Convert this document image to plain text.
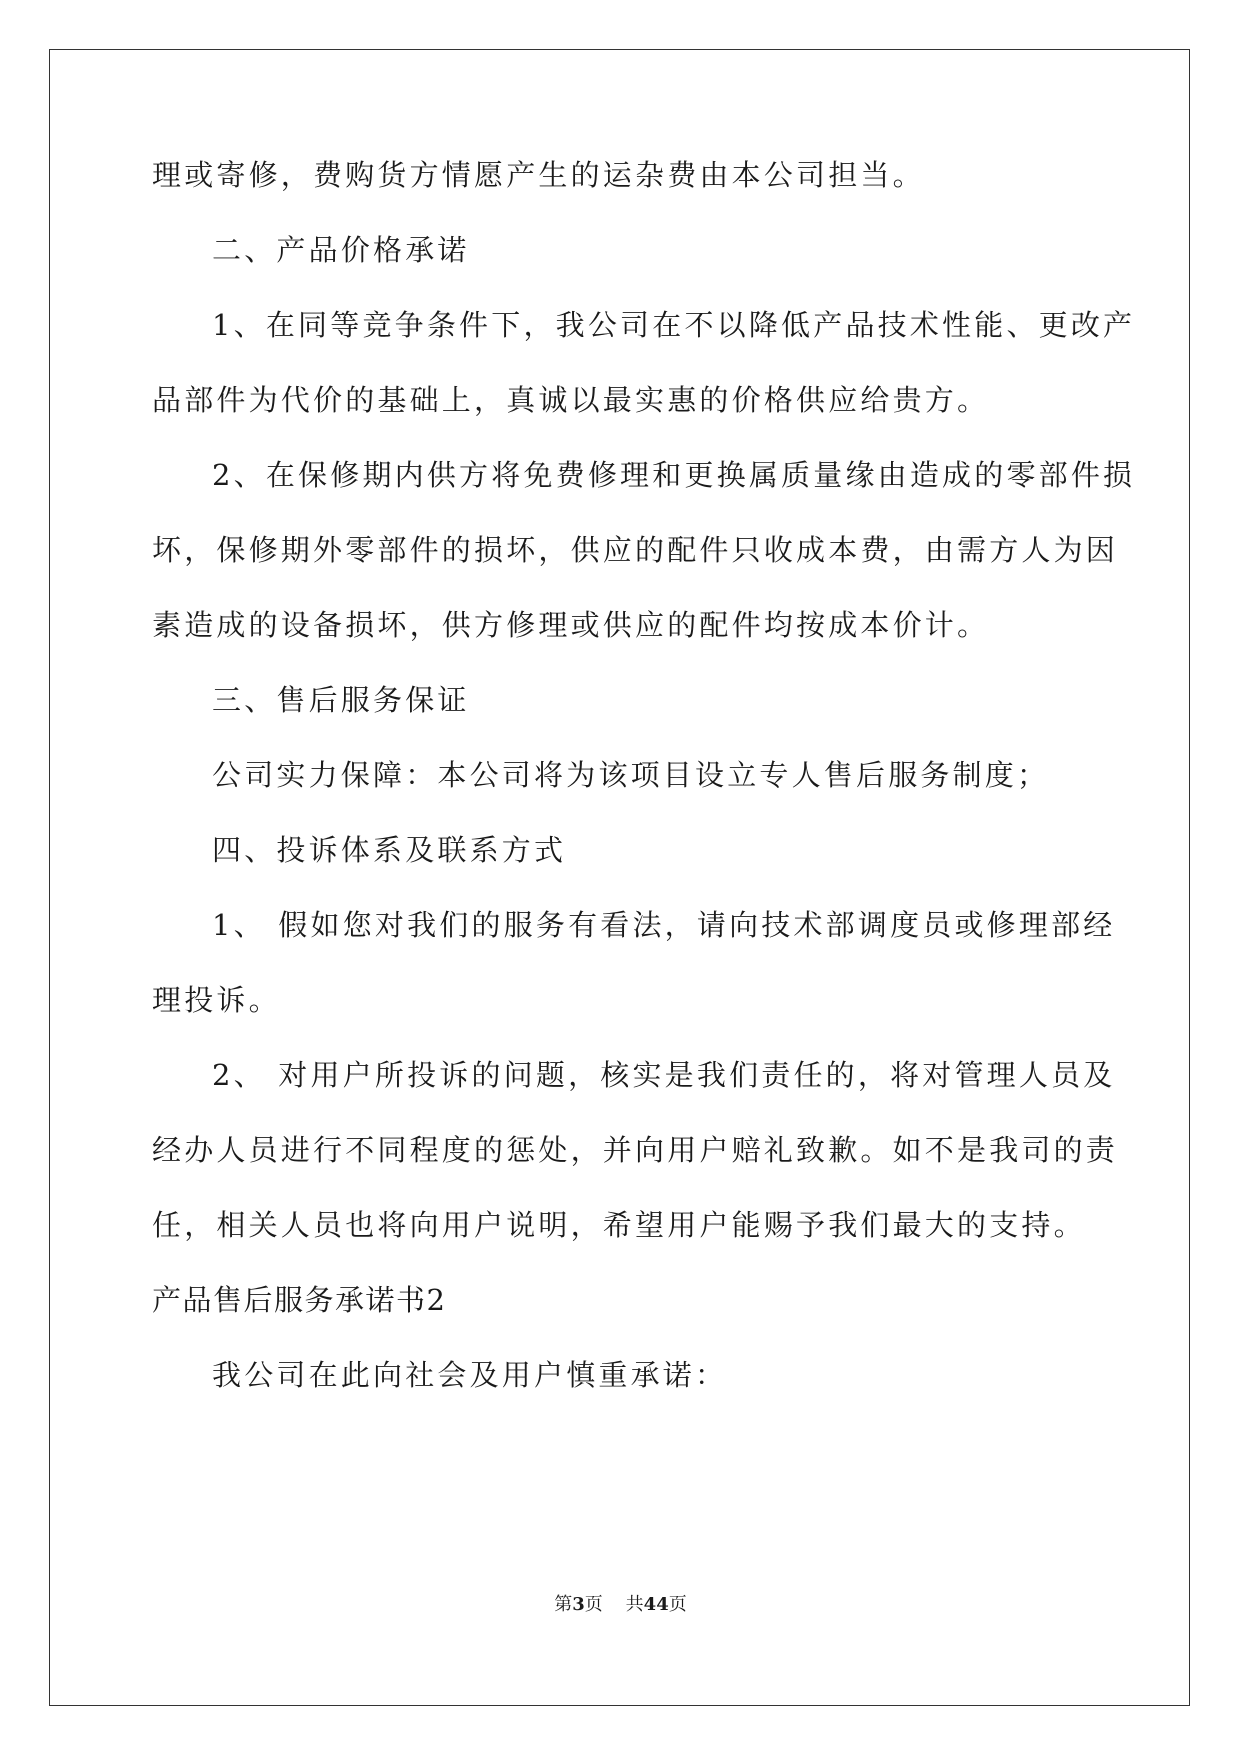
理或寄修，费购货方情愿产生的运杂费由本公司担当。
二、产品价格承诺
1、在同等竞争条件下，我公司在不以降低产品技术性能、更改产
品部件为代价的基础上，真诚以最实惠的价格供应给贵方。
2、在保修期内供方将免费修理和更换属质量缘由造成的零部件损
坏，保修期外零部件的损坏，供应的配件只收成本费，由需方人为因
素造成的设备损坏，供方修理或供应的配件均按成本价计。
三、售后服务保证
公司实力保障：本公司将为该项目设立专人售后服务制度；
四、投诉体系及联系方式
1、 假如您对我们的服务有看法，请向技术部调度员或修理部经
理投诉。
2、 对用户所投诉的问题，核实是我们责任的，将对管理人员及
经办人员进行不同程度的惩处，并向用户赔礼致歉。如不是我司的责
任，相关人员也将向用户说明，希望用户能赐予我们最大的支持。
产品售后服务承诺书2
我公司在此向社会及用户慎重承诺：
第3页 共44页
